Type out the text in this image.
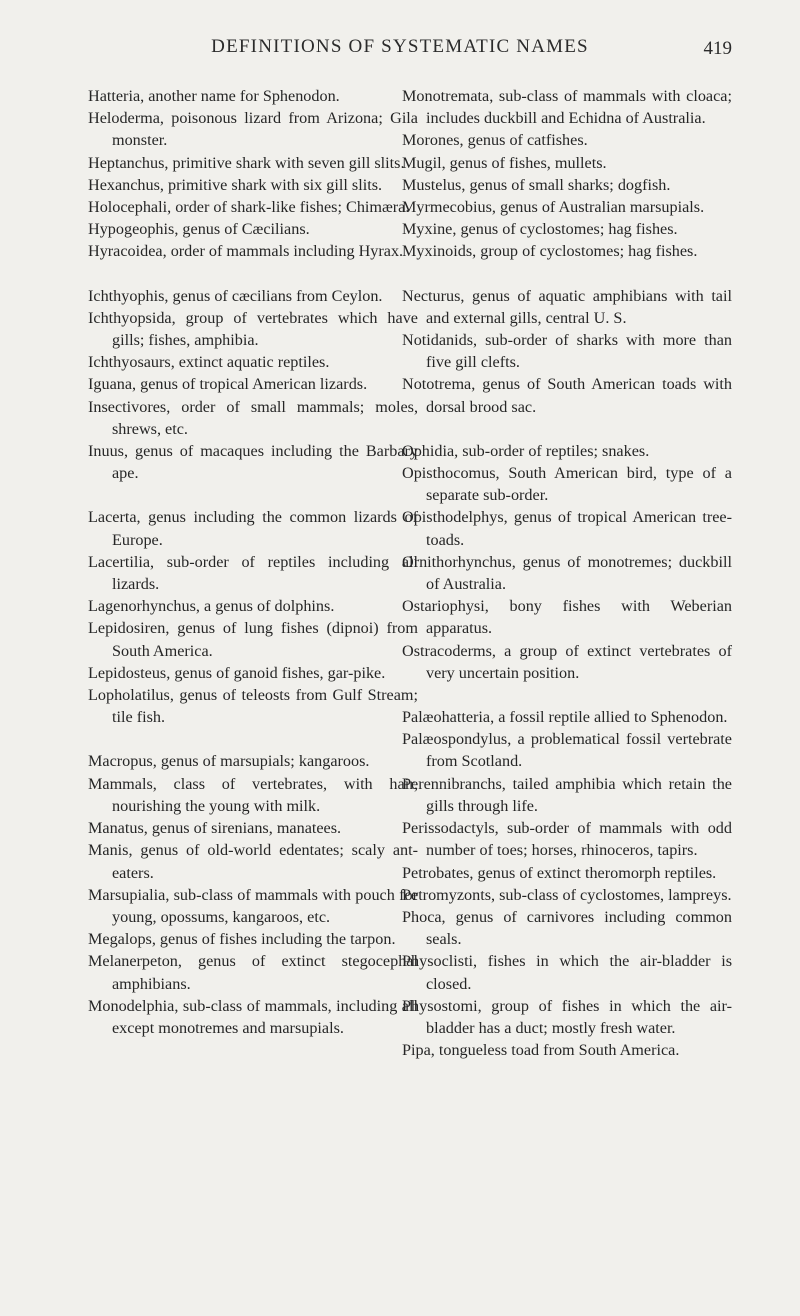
DEFINITIONS OF SYSTEMATIC NAMES	419

Hatteria, another name for Sphenodon.

Heloderma, poisonous lizard from Arizona; Gila monster.

Heptanchus, primitive shark with seven gill slits.

Hexanchus, primitive shark with six gill slits.

Holocephali, order of shark-like fishes; Chimæra.

Hypogeophis, genus of Cæcilians.

Hyracoidea, order of mammals including Hyrax.

Ichthyophis, genus of cæcilians from Ceylon.

Ichthyopsida, group of vertebrates which have gills; fishes, amphibia.

Ichthyosaurs, extinct aquatic reptiles.

Iguana, genus of tropical American lizards.

Insectivores, order of small mammals; moles, shrews, etc.

Inuus, genus of macaques including the Barbary ape.

Lacerta, genus including the common lizards of Europe.

Lacertilia, sub-order of reptiles including all lizards.

Lagenorhynchus, a genus of dolphins.

Lepidosiren, genus of lung fishes (dipnoi) from South America.

Lepidosteus, genus of ganoid fishes, gar-pike.

Lopholatilus, genus of teleosts from Gulf Stream; tile fish.

Macropus, genus of marsupials; kangaroos.

Mammals, class of vertebrates, with hair, nourishing the young with milk.

Manatus, genus of sirenians, manatees.

Manis, genus of old-world edentates; scaly ant-eaters.

Marsupialia, sub-class of mammals with pouch for young, opossums, kangaroos, etc.

Megalops, genus of fishes including the tarpon.

Melanerpeton, genus of extinct stegocephal amphibians.

Monodelphia, sub-class of mammals, including all except monotremes and marsupials.

Monotremata, sub-class of mammals with cloaca; includes duckbill and Echidna of Australia.

Morones, genus of catfishes.

Mugil, genus of fishes, mullets.

Mustelus, genus of small sharks; dogfish.

Myrmecobius, genus of Australian marsupials.

Myxine, genus of cyclostomes; hag fishes.

Myxinoids, group of cyclostomes; hag fishes.

Necturus, genus of aquatic amphibians with tail and external gills, central U. S.

Notidanids, sub-order of sharks with more than five gill clefts.

Nototrema, genus of South American toads with dorsal brood sac.

Ophidia, sub-order of reptiles; snakes.

Opisthocomus, South American bird, type of a separate sub-order.

Opisthodelphys, genus of tropical American tree-toads.

Ornithorhynchus, genus of monotremes; duckbill of Australia.

Ostariophysi, bony fishes with Weberian apparatus.

Ostracoderms, a group of extinct vertebrates of very uncertain position.

Palæohatteria, a fossil reptile allied to Sphenodon.

Palæospondylus, a problematical fossil vertebrate from Scotland.

Perennibranchs, tailed amphibia which retain the gills through life.

Perissodactyls, sub-order of mammals with odd number of toes; horses, rhinoceros, tapirs.

Petrobates, genus of extinct theromorph reptiles.

Petromyzonts, sub-class of cyclostomes, lampreys.

Phoca, genus of carnivores including common seals.

Physoclisti, fishes in which the air-bladder is closed.

Physostomi, group of fishes in which the air-bladder has a duct; mostly fresh water.

Pipa, tongueless toad from South America.
